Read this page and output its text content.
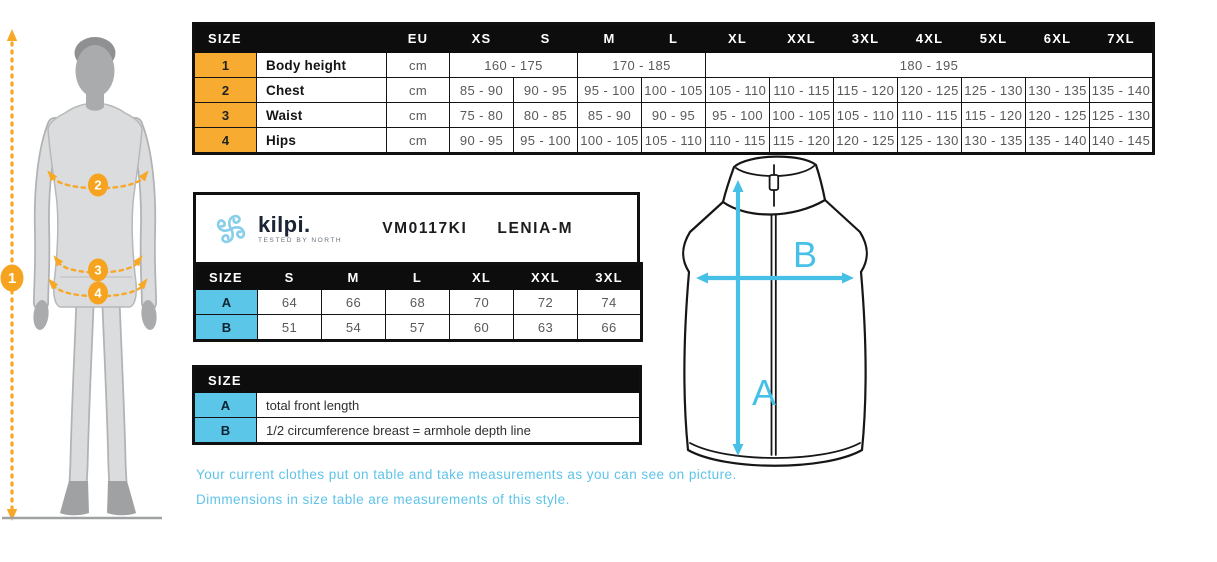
1
2
3
4
SIZE		EU	XS	S	M	L	XL	XXL	3XL	4XL	5XL	6XL	7XL
1	Body height	cm	160 - 175		170 - 185		180 - 195						
2	Chest	cm	85 - 90	90 - 95	95 - 100	100 - 105	105 - 110	110 - 115	115 - 120	120 - 125	125 - 130	130 - 135	135 - 140
3	Waist	cm	75 - 80	80 - 85	85 - 90	90 - 95	95 - 100	100 - 105	105 - 110	110 - 115	115 - 120	120 - 125	125 - 130
4	Hips	cm	90 - 95	95 - 100	100 - 105	105 - 110	110 - 115	115 - 120	120 - 125	125 - 130	130 - 135	135 - 140	140 - 145
kilpi.
TESTED BY NORTH
VM0117KI LENIA-M
SIZE	S	M	L	XL	XXL	3XL
A	64	66	68	70	72	74
B	51	54	57	60	63	66
SIZE	
A	total front length
B	1/2 circumference breast = armhole depth line
A
B
Your current clothes put on table and take measurements as you can see on picture.
Dimmensions in size table are measurements of this style.
